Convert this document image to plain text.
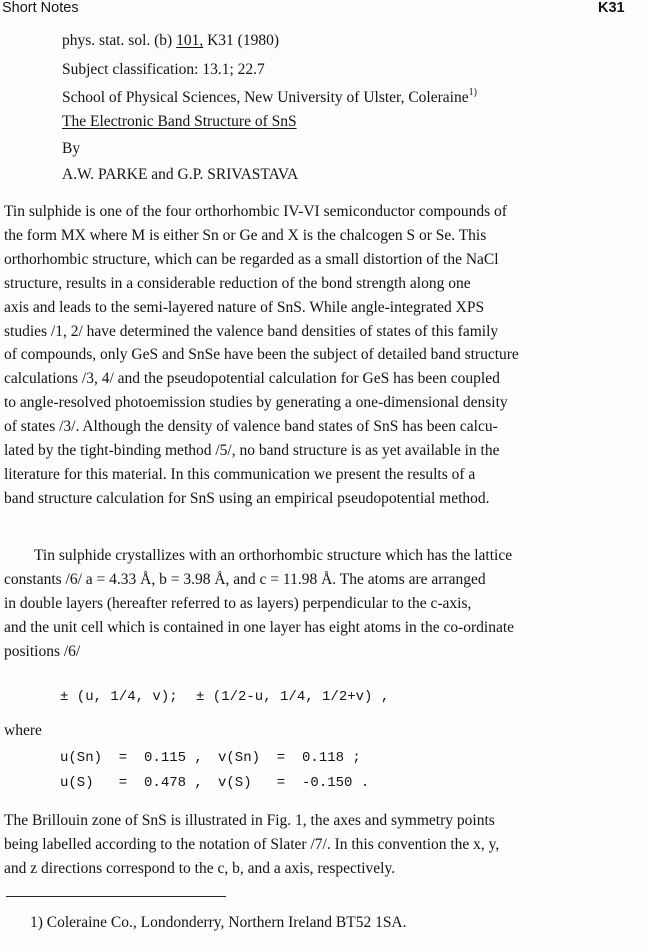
Short Notes	K31
phys. stat. sol. (b) 101, K31 (1980)
Subject classification: 13.1; 22.7
School of Physical Sciences, New University of Ulster, Coleraine$^{1)}$
The Electronic Band Structure of SnS
By
A.W. PARKE and G.P. SRIVASTAVA
Tin sulphide is one of the four orthorhombic IV-VI semiconductor compounds of
the form MX where M is either Sn or Ge and X is the chalcogen S or Se. This
orthorhombic structure, which can be regarded as a small distortion of the NaCl
structure, results in a considerable reduction of the bond strength along one
axis and leads to the semi-layered nature of SnS. While angle-integrated XPS
studies /1, 2/ have determined the valence band densities of states of this family
of compounds, only GeS and SnSe have been the subject of detailed band structure
calculations /3, 4/ and the pseudopotential calculation for GeS has been coupled
to angle-resolved photoemission studies by generating a one-dimensional density
of states /3/. Although the density of valence band states of SnS has been calcu-
lated by the tight-binding method /5/, no band structure is as yet available in the
literature for this material. In this communication we present the results of a
band structure calculation for SnS using an empirical pseudopotential method.
Tin sulphide crystallizes with an orthorhombic structure which has the lattice
constants /6/ a = 4.33 Å, b = 3.98 Å, and c = 11.98 Å. The atoms are arranged
in double layers (hereafter referred to as layers) perpendicular to the c-axis,
and the unit cell which is contained in one layer has eight atoms in the co-ordinate
positions /6/
± (u, 1/4, v); ± (1/2-u, 1/4, 1/2+v) ,
where
u(Sn)  =  0.115 , v(Sn)  =  0.118 ;
u(S)   =  0.478 , v(S)   =  -0.150 .
The Brillouin zone of SnS is illustrated in Fig. 1, the axes and symmetry points
being labelled according to the notation of Slater /7/. In this convention the x, y,
and z directions correspond to the c, b, and a axis, respectively.
1) Coleraine Co., Londonderry, Northern Ireland BT52 1SA.
